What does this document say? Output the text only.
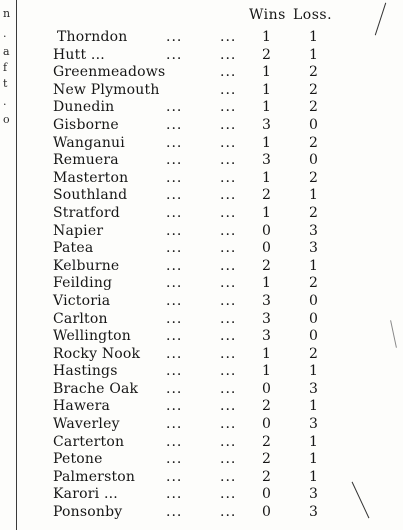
n
.
a
f
t
.
o
Wins Loss.
Thorndon	...	... 1	1
Hutt ...	...	... 2	1
Greenmeadows	... 1	2
New Plymouth	... 1	2
Dunedin	...	... 1	2
Gisborne	...	... 3	0
Wanganui	...	... 1	2
Remuera	...	... 3	0
Masterton	...	... 1	2
Southland	...	... 2	1
Stratford	...	... 1	2
Napier	...	... 0	3
Patea	...	... 0	3
Kelburne	...	... 2	1
Feilding	...	... 1	2
Victoria	...	... 3	0
Carlton	...	... 3	0
Wellington ...	... 3	0
Rocky Nook ...	... 1	2
Hastings	...	... 1	1
Brache Oak ...	... 0	3
Hawera	...	... 2	1
Waverley	...	... 0	3
Carterton	...	... 2	1
Petone	...	... 2	1
Palmerston ...	... 2	1
Karori ...	...	... 0	3
Ponsonby	...	... 0	3
